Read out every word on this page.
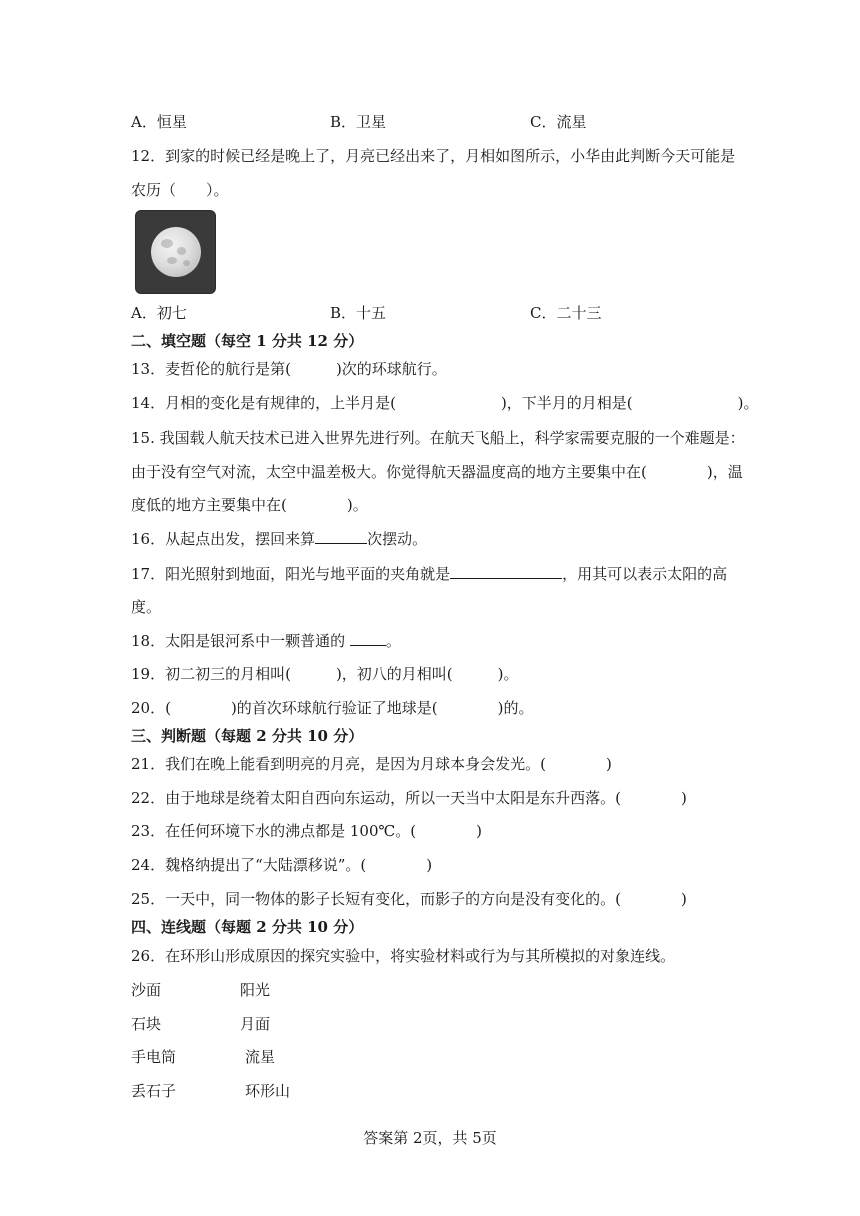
A．恒星	B．卫星	C．流星
12．到家的时候已经是晚上了，月亮已经出来了，月相如图所示，小华由此判断今天可能是
农历（　　）。
A．初七	B．十五	C．二十三
二、填空题（每空 1 分共 12 分）
13．麦哲伦的航行是第(　　　)次的环球航行。
14．月相的变化是有规律的，上半月是(　　　　　　　)，下半月的月相是(　　　　　　　)。
15. 我国载人航天技术已进入世界先进行列。在航天飞船上，科学家需要克服的一个难题是：
由于没有空气对流，太空中温差极大。你觉得航天器温度高的地方主要集中在(　　　　)，温
度低的地方主要集中在(　　　　)。
16．从起点出发，摆回来算	次摆动。
17．阳光照射到地面，阳光与地平面的夹角就是	，用其可以表示太阳的高
度。
18．太阳是银河系中一颗普通的 。
19．初二初三的月相叫(　　　)，初八的月相叫(　　　)。
20．(　　　　)的首次环球航行验证了地球是(　　　　)的。
三、判断题（每题 2 分共 10 分）
21．我们在晚上能看到明亮的月亮，是因为月球本身会发光。(　　　　)
22．由于地球是绕着太阳自西向东运动，所以一天当中太阳是东升西落。(　　　　)
23．在任何环境下水的沸点都是 100℃。(　　　　)
24．魏格纳提出了“大陆漂移说”。(　　　　)
25．一天中，同一物体的影子长短有变化，而影子的方向是没有变化的。(　　　　)
四、连线题（每题 2 分共 10 分）
26．在环形山形成原因的探究实验中，将实验材料或行为与其所模拟的对象连线。
沙面	阳光
石块	月面
手电筒	流星
丢石子	环形山
答案第 2页，共 5页
